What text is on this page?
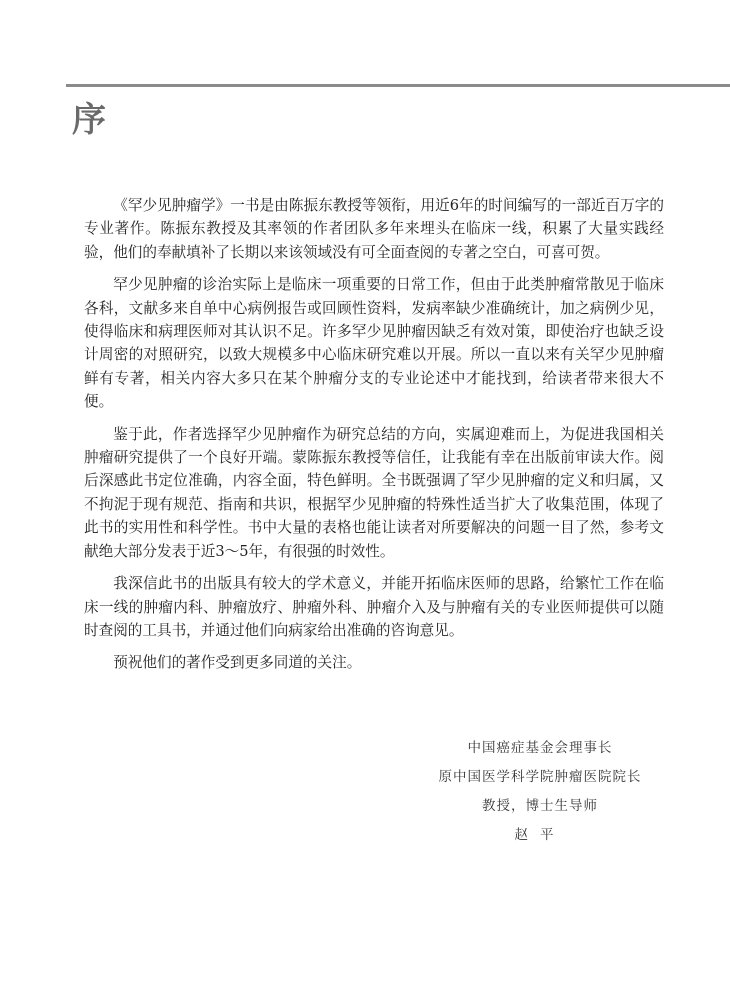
序

《罕少见肿瘤学》一书是由陈振东教授等领衔，用近6年的时间编写的一部近百万字的专业著作。陈振东教授及其率领的作者团队多年来埋头在临床一线，积累了大量实践经验，他们的奉献填补了长期以来该领域没有可全面查阅的专著之空白，可喜可贺。

罕少见肿瘤的诊治实际上是临床一项重要的日常工作，但由于此类肿瘤常散见于临床各科，文献多来自单中心病例报告或回顾性资料，发病率缺少准确统计，加之病例少见，使得临床和病理医师对其认识不足。许多罕少见肿瘤因缺乏有效对策，即使治疗也缺乏设计周密的对照研究，以致大规模多中心临床研究难以开展。所以一直以来有关罕少见肿瘤鲜有专著，相关内容大多只在某个肿瘤分支的专业论述中才能找到，给读者带来很大不便。

鉴于此，作者选择罕少见肿瘤作为研究总结的方向，实属迎难而上，为促进我国相关肿瘤研究提供了一个良好开端。蒙陈振东教授等信任，让我能有幸在出版前审读大作。阅后深感此书定位准确，内容全面，特色鲜明。全书既强调了罕少见肿瘤的定义和归属，又不拘泥于现有规范、指南和共识，根据罕少见肿瘤的特殊性适当扩大了收集范围，体现了此书的实用性和科学性。书中大量的表格也能让读者对所要解决的问题一目了然，参考文献绝大部分发表于近3～5年，有很强的时效性。

我深信此书的出版具有较大的学术意义，并能开拓临床医师的思路，给繁忙工作在临床一线的肿瘤内科、肿瘤放疗、肿瘤外科、肿瘤介入及与肿瘤有关的专业医师提供可以随时查阅的工具书，并通过他们向病家给出准确的咨询意见。

预祝他们的著作受到更多同道的关注。

中国癌症基金会理事长
原中国医学科学院肿瘤医院院长
教授，博士生导师
赵平
